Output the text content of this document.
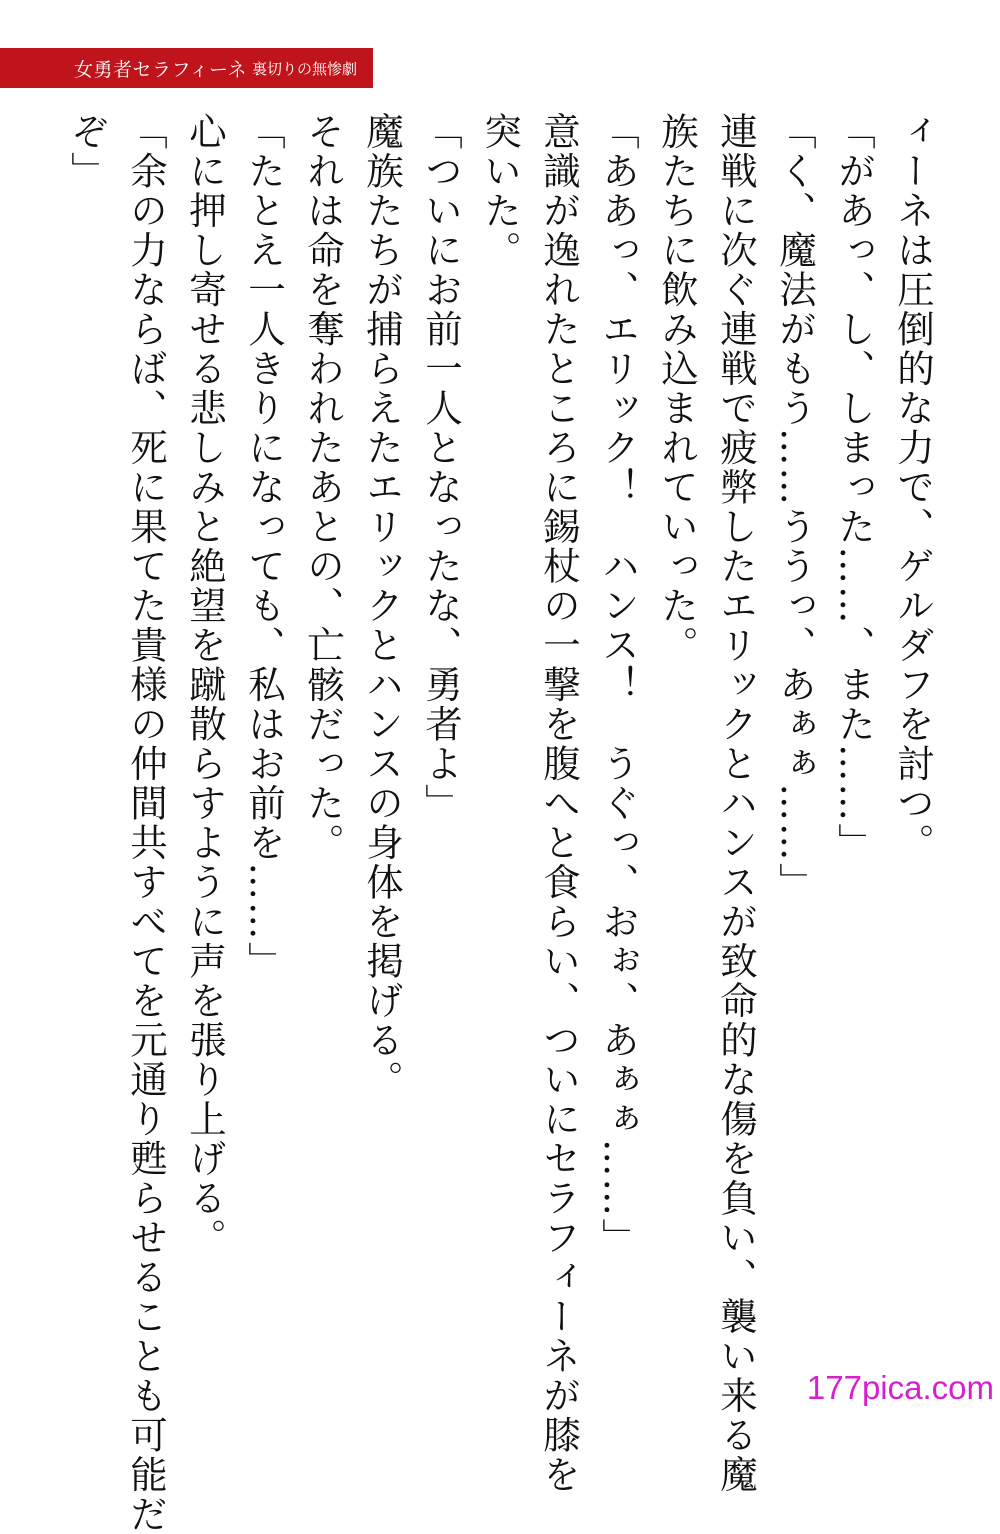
女勇者セラフィーネ 裏切りの無惨劇
ィーネは圧倒的な力で、ゲルダフを討つ。
「があっ、し、しまった……、また……」
「く、魔法がもう……ううっ、あぁぁ……」
連戦に次ぐ連戦で疲弊したエリックとハンスが致命的な傷を負い、襲い来る魔
族たちに飲み込まれていった。
「ああっ、エリック！　ハンス！　うぐっ、おぉ、あぁぁ……」
意識が逸れたところに錫杖の一撃を腹へと食らい、ついにセラフィーネが膝を
突いた。
「ついにお前一人となったな、勇者よ」
魔族たちが捕らえたエリックとハンスの身体を掲げる。
それは命を奪われたあとの、亡骸だった。
「たとえ一人きりになっても、私はお前を……」
心に押し寄せる悲しみと絶望を蹴散らすように声を張り上げる。
「余の力ならば、死に果てた貴様の仲間共すべてを元通り甦らせることも可能だ
ぞ」
177pica.com
